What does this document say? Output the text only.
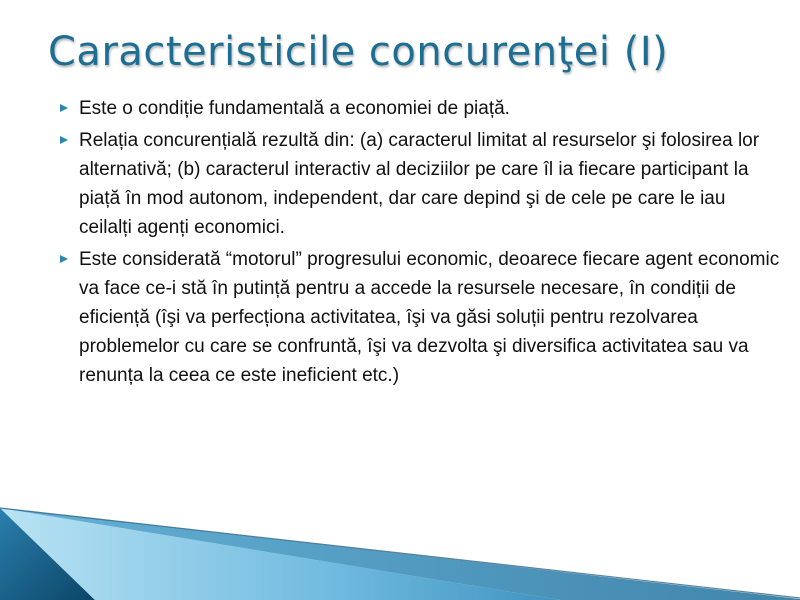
Caracteristicile concurenţei (I)
Este o condiție fundamentală a economiei de piață.
Relația concurențială rezultă din: (a) caracterul limitat al resurselor şi folosirea lor alternativă; (b) caracterul interactiv al deciziilor pe care îl ia fiecare participant la piață în mod autonom, independent, dar care depind şi de cele pe care le iau ceilalți agenți economici.
Este considerată “motorul” progresului economic, deoarece fiecare agent economic va face ce-i stă în putință pentru a accede la resursele necesare, în condiții de eficiență (îşi va perfecționa activitatea, îşi va găsi soluții pentru rezolvarea problemelor cu care se confruntă, îşi va dezvolta şi diversifica activitatea sau va renunța la ceea ce este ineficient etc.)
